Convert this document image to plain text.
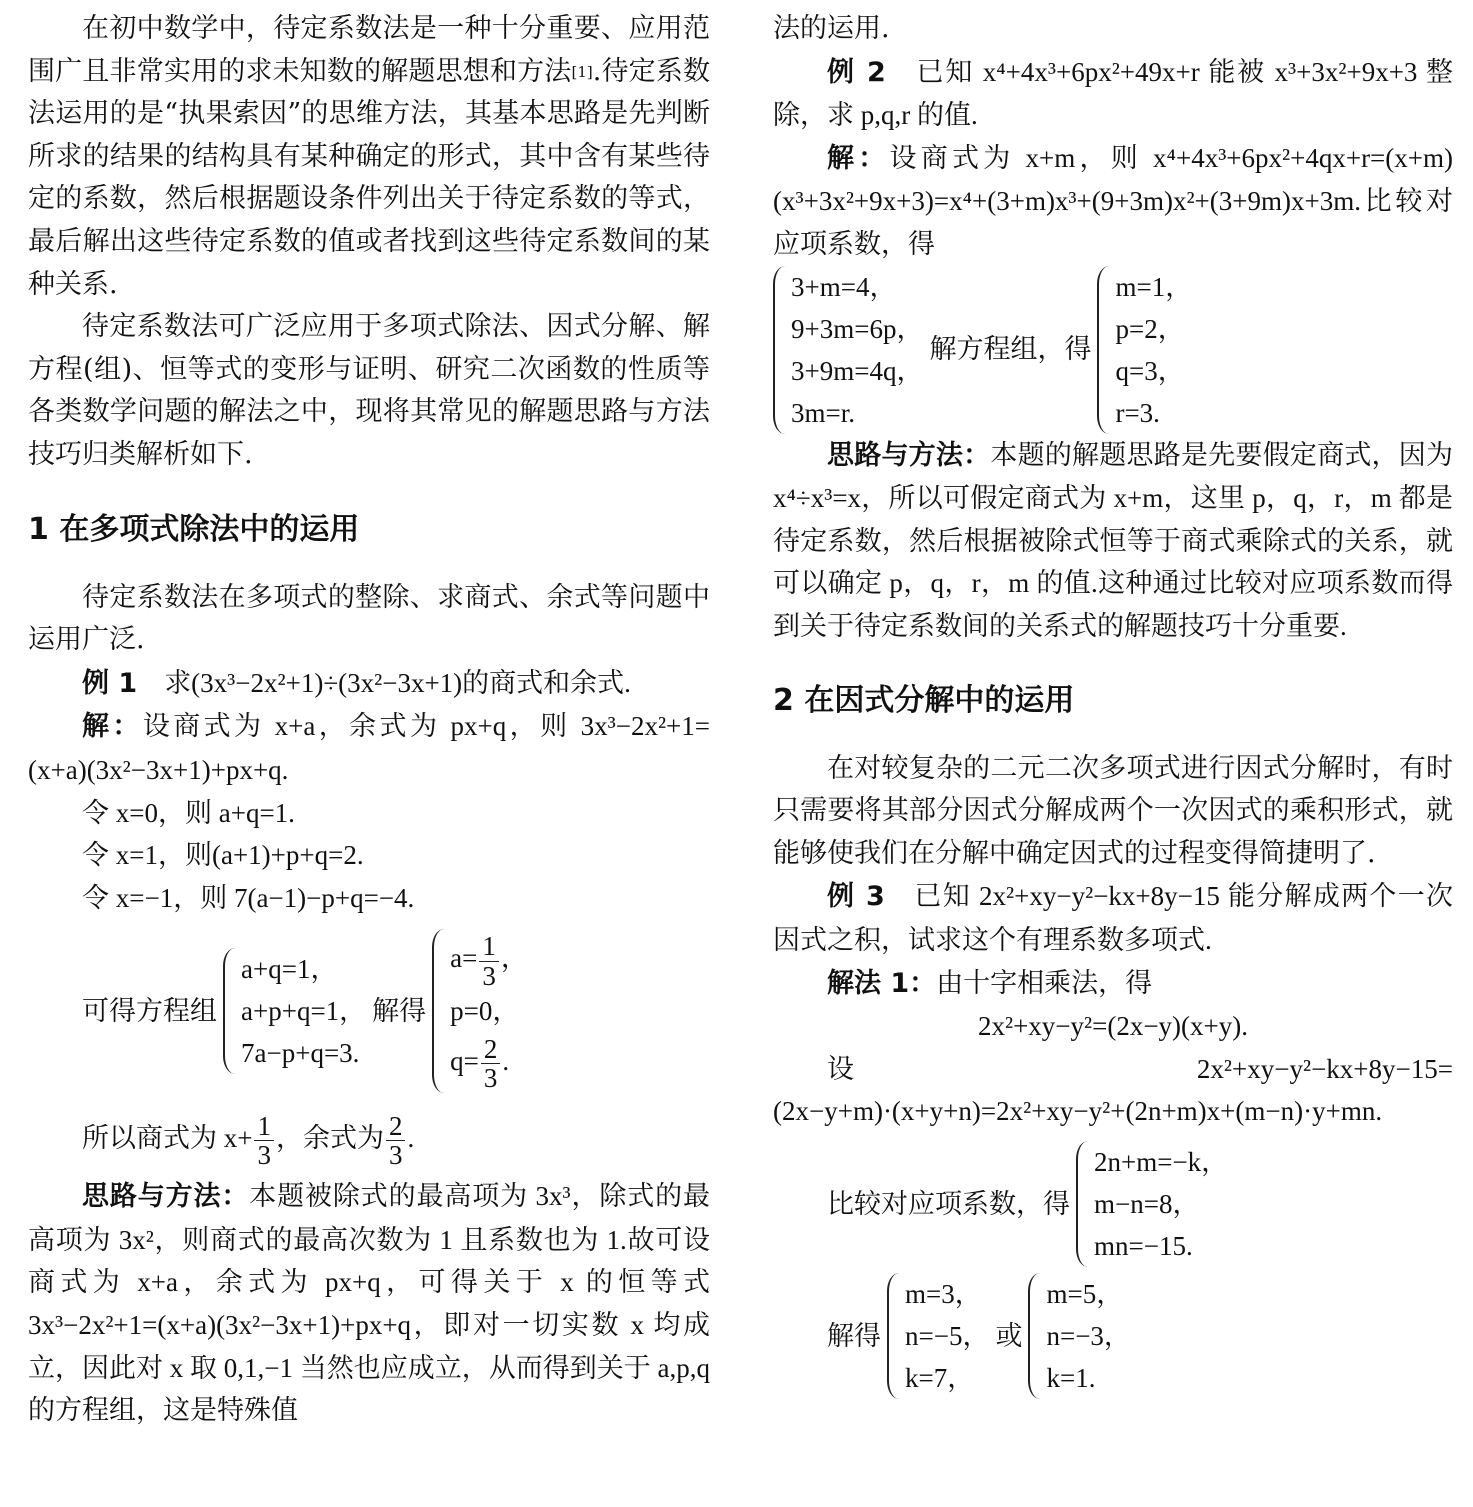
在初中数学中，待定系数法是一种十分重要、应用范围广且非常实用的求未知数的解题思想和方法[1].待定系数法运用的是“执果索因”的思维方法，其基本思路是先判断所求的结果的结构具有某种确定的形式，其中含有某些待定的系数，然后根据题设条件列出关于待定系数的等式，最后解出这些待定系数的值或者找到这些待定系数间的某种关系.

待定系数法可广泛应用于多项式除法、因式分解、解方程(组)、恒等式的变形与证明、研究二次函数的性质等各类数学问题的解法之中，现将其常见的解题思路与方法技巧归类解析如下.

1 在多项式除法中的运用

待定系数法在多项式的整除、求商式、余式等问题中运用广泛.

例 1　 求(3x³−2x²+1)÷(3x²−3x+1)的商式和余式.

解：设商式为 x+a，余式为 px+q，则 3x³−2x²+1=(x+a)(3x²−3x+1)+px+q.

令 x=0，则 a+q=1.
令 x=1，则(a+1)+p+q=2.
令 x=−1，则 7(a−1)−p+q=−4.
可得方程组
a+q=1，
a+p+q=1，
7a−p+q=3.
解得
$a= \frac{1}{3}$ ，
p=0，
$q= \frac{2}{3}$ .
所以商式为 $x+ \frac{1}{3}$ ，余式为 $\frac{2}{3}$ .

思路与方法：本题被除式的最高项为 3x³，除式的最高项为 3x²，则商式的最高次数为 1 且系数也为 1.故可设商式为 x+a，余式为 px+q，可得关于 x 的恒等式 3x³−2x²+1=(x+a)(3x²−3x+1)+px+q，即对一切实数 x 均成立，因此对 x 取 0,1,−1 当然也应成立，从而得到关于 a,p,q 的方程组，这是特殊值

法的运用.

例 2　 已知 x⁴+4x³+6px²+49x+r 能被 x³+3x²+9x+3 整除，求 p,q,r 的值.

解：设商式为 x+m，则 x⁴+4x³+6px²+4qx+r=(x+m)(x³+3x²+9x+3)=x⁴+(3+m)x³+(9+3m)x²+(3+9m)x+3m.比较对应项系数，得

3+m=4，
9+3m=6p，
3+9m=4q，
3m=r.
解方程组，得
m=1，
p=2，
q=3，
r=3.

思路与方法：本题的解题思路是先要假定商式，因为 x⁴÷x³=x，所以可假定商式为 x+m，这里 p，q，r，m 都是待定系数，然后根据被除式恒等于商式乘除式的关系，就可以确定 p，q，r，m 的值.这种通过比较对应项系数而得到关于待定系数间的关系式的解题技巧十分重要.

2 在因式分解中的运用

在对较复杂的二元二次多项式进行因式分解时，有时只需要将其部分因式分解成两个一次因式的乘积形式，就能够使我们在分解中确定因式的过程变得简捷明了.

例 3　 已知 2x²+xy−y²−kx+8y−15 能分解成两个一次因式之积，试求这个有理系数多项式.

解法 1：由十字相乘法，得

2x²+xy−y²=(2x−y)(x+y).

设 2x²+xy−y²−kx+8y−15=(2x−y+m)·(x+y+n)=2x²+xy−y²+(2n+m)x+(m−n)·y+mn.

比较对应项系数，得
2n+m=−k，
m−n=8，
mn=−15.
解得
m=3，
n=−5，
k=7，
或
m=5，
n=−3，
k=1.
